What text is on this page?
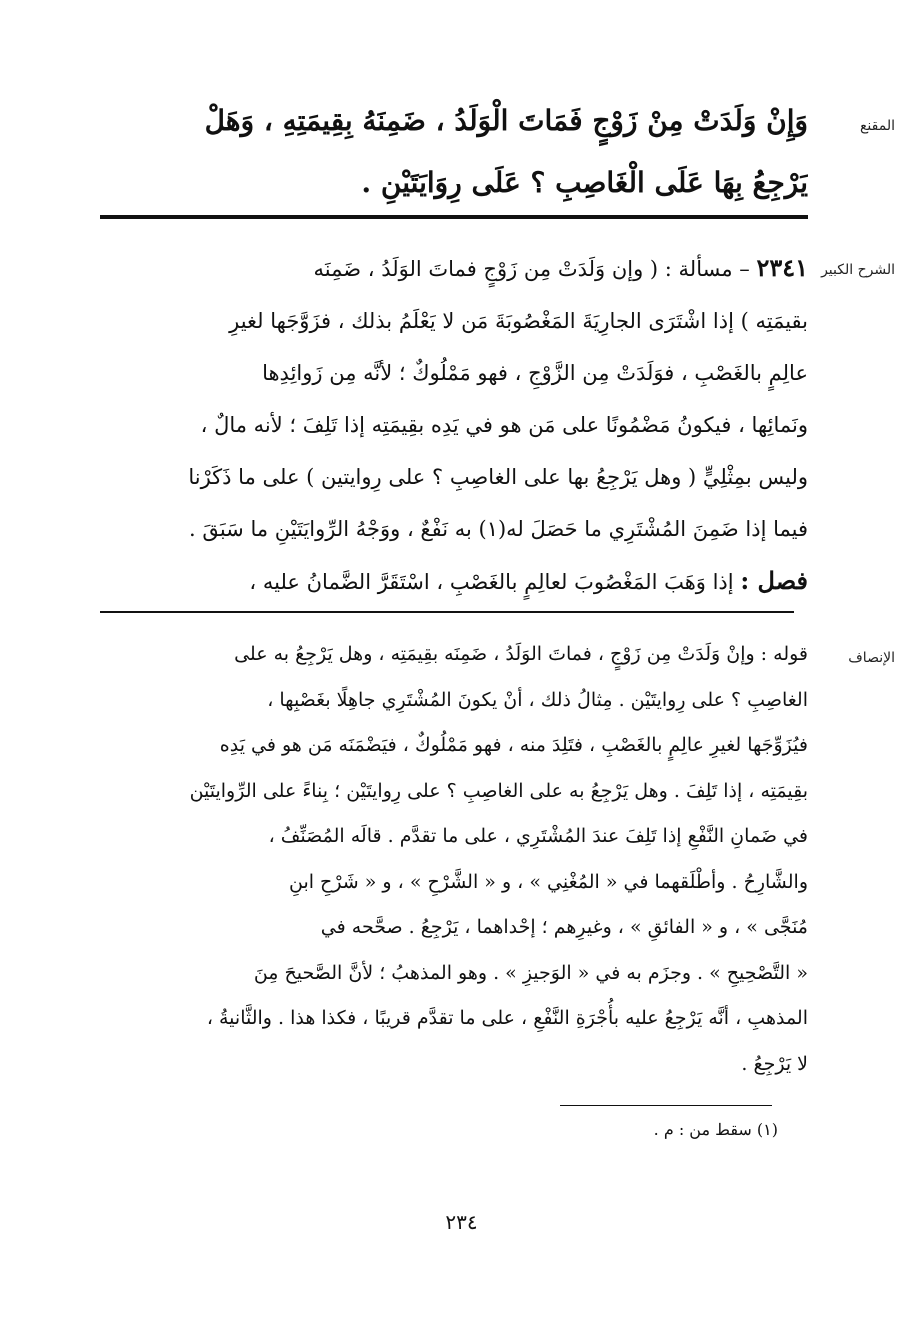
المقنع
وَإِنْ وَلَدَتْ مِنْ زَوْجٍ فَمَاتَ الْوَلَدُ ، ضَمِنَهُ بِقِيمَتِهِ ، وَهَلْ
يَرْجِعُ بِهَا عَلَى الْغَاصِبِ ؟ عَلَى رِوَايَتَيْنِ .
الشرح الكبير
٢٣٤١ – مسألة : ( وإن وَلَدَتْ مِن زَوْجٍ فماتَ الوَلَدُ ، ضَمِنَه
بقيمَتِه ) إذا اشْتَرَى الجارِيَةَ المَغْصُوبَةَ مَن لا يَعْلَمُ بذلك ، فزَوَّجَها لغيرِ
عالِمٍ بالغَصْبِ ، فوَلَدَتْ مِن الزَّوْجِ ، فهو مَمْلُوكٌ ؛ لأنَّه مِن زَوائِدِها
ونَمائِها ، فيكونُ مَضْمُونًا على مَن هو في يَدِه بقِيمَتِه إذا تَلِفَ ؛ لأنه مالٌ ،
وليس بمِثْلِيٍّ ( وهل يَرْجِعُ بها على الغاصِبِ ؟ على رِوايتين ) على ما ذَكَرْنا
فيما إذا ضَمِنَ المُشْتَرِي ما حَصَلَ له(١) به نَفْعٌ ، ووَجْهُ الرِّوايَتَيْنِ ما سَبَقَ .
فصل : إذا وَهَبَ المَغْصُوبَ لعالِمٍ بالغَصْبِ ، اسْتَقَرَّ الضَّمانُ عليه ،
الإنصاف
قوله : وإنْ وَلَدَتْ مِن زَوْجٍ ، فماتَ الوَلَدُ ، ضَمِنَه بقِيمَتِه ، وهل يَرْجِعُ به على
الغاصِبِ ؟ على رِوايتَيْن . مِثالُ ذلك ، أنْ يكونَ المُشْتَرِي جاهِلًا بغَصْبِها ،
فيُزَوِّجَها لغيرِ عالِمٍ بالغَصْبِ ، فتَلِدَ منه ، فهو مَمْلُوكٌ ، فيَضْمَنَه مَن هو في يَدِه
بقِيمَتِه ، إذا تَلِفَ . وهل يَرْجِعُ به على الغاصِبِ ؟ على رِوايتَيْن ؛ بِناءً على الرِّوايتَيْن
في ضَمانِ النَّفْعِ إذا تَلِفَ عندَ المُشْتَرِي ، على ما تقدَّم . قالَه المُصَنِّفُ ،
والشَّارِحُ . وأطْلَقهما في « المُغْنِي » ، و « الشَّرْحِ » ، و « شَرْحِ ابنِ
مُنَجَّى » ، و « الفائقِ » ، وغيرِهم ؛ إحْداهما ، يَرْجِعُ . صحَّحه في
« التَّصْحِيحِ » . وجزَم به في « الوَجيزِ » . وهو المذهبُ ؛ لأنَّ الصَّحيحَ مِنَ
المذهبِ ، أنَّه يَرْجِعُ عليه بأُجْرَةِ النَّفْعِ ، على ما تقدَّم قريبًا ، فكذا هذا . والثَّانيةُ ،
لا يَرْجِعُ .
(١) سقط من : م .
٢٣٤
